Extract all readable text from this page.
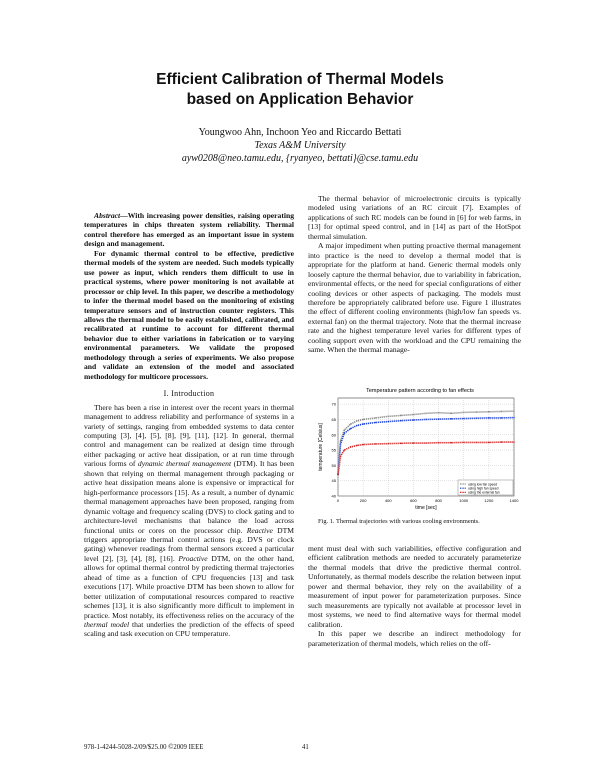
Efficient Calibration of Thermal Models
based on Application Behavior
Youngwoo Ahn, Inchoon Yeo and Riccardo Bettati
Texas A&M University
ayw0208@neo.tamu.edu, {ryanyeo, bettati}@cse.tamu.edu

Abstract—With increasing power densities, raising operating temperatures in chips threaten system reliability. Thermal control therefore has emerged as an important issue in system design and management.

For dynamic thermal control to be effective, predictive thermal models of the system are needed. Such models typically use power as input, which renders them difficult to use in practical systems, where power monitoring is not available at processor or chip level. In this paper, we describe a methodology to infer the thermal model based on the monitoring of existing temperature sensors and of instruction counter registers. This allows the thermal model to be easily established, calibrated, and recalibrated at runtime to account for different thermal behavior due to either variations in fabrication or to varying environmental parameters. We validate the proposed methodology through a series of experiments. We also propose and validate an extension of the model and associated methodology for multicore processors.

I. Introduction

There has been a rise in interest over the recent years in thermal management to address reliability and performance of systems in a variety of settings, ranging from embedded systems to data center computing [3], [4], [5], [8], [9], [11], [12]. In general, thermal control and management can be realized at design time through either packaging or active heat dissipation, or at run time through various forms of dynamic thermal management (DTM). It has been shown that relying on thermal management through packaging or active heat dissipation means alone is expensive or impractical for high-performance processors [15]. As a result, a number of dynamic thermal management approaches have been proposed, ranging from dynamic voltage and frequency scaling (DVS) to clock gating and to architecture-level mechanisms that balance the load across functional units or cores on the processor chip. Reactive DTM triggers appropriate thermal control actions (e.g. DVS or clock gating) whenever readings from thermal sensors exceed a particular level [2], [3], [4], [8], [16]. Proactive DTM, on the other hand, allows for optimal thermal control by predicting thermal trajectories ahead of time as a function of CPU frequencies [13] and task executions [17]. While proactive DTM has been shown to allow for better utilization of computational resources compared to reactive schemes [13], it is also significantly more difficult to implement in practice. Most notably, its effectiveness relies on the accuracy of the thermal model that underlies the prediction of the effects of speed scaling and task execution on CPU temperature.

The thermal behavior of microelectronic circuits is typically modeled using variations of an RC circuit [7]. Examples of applications of such RC models can be found in [6] for web farms, in [13] for optimal speed control, and in [14] as part of the HotSpot thermal simulation.

A major impediment when putting proactive thermal management into practice is the need to develop a thermal model that is appropriate for the platform at hand. Generic thermal models only loosely capture the thermal behavior, due to variability in fabrication, environmental effects, or the need for special configurations of either cooling devices or other aspects of packaging. The models must therefore be appropriately calibrated before use. Figure 1 illustrates the effect of different cooling environments (high/low fan speeds vs. external fan) on the thermal trajectory. Note that the thermal increase rate and the highest temperature level varies for different types of cooling support even with the workload and the CPU remaining the same. When the thermal manage-

Temperature pattern according to fan effects
0	200	400	600	800	1000	1200	1400
40
45
50
55
60
65
70
time [sec]
temperature [Celsius]
using low fan speed
using high fan speed
using the external fan
Fig. 1. Thermal trajectories with various cooling environments.

ment must deal with such variabilities, effective configuration and efficient calibration methods are needed to accurately parameterize the thermal models that drive the predictive thermal control. Unfortunately, as thermal models describe the relation between input power and thermal behavior, they rely on the availability of a measurement of input power for parameterization purposes. Since such measurements are typically not available at processor level in most systems, we need to find alternative ways for thermal model calibration.

In this paper we describe an indirect methodology for parameterization of thermal models, which relies on the off-

978-1-4244-5028-2/09/$25.00 ©2009 IEEE	41
